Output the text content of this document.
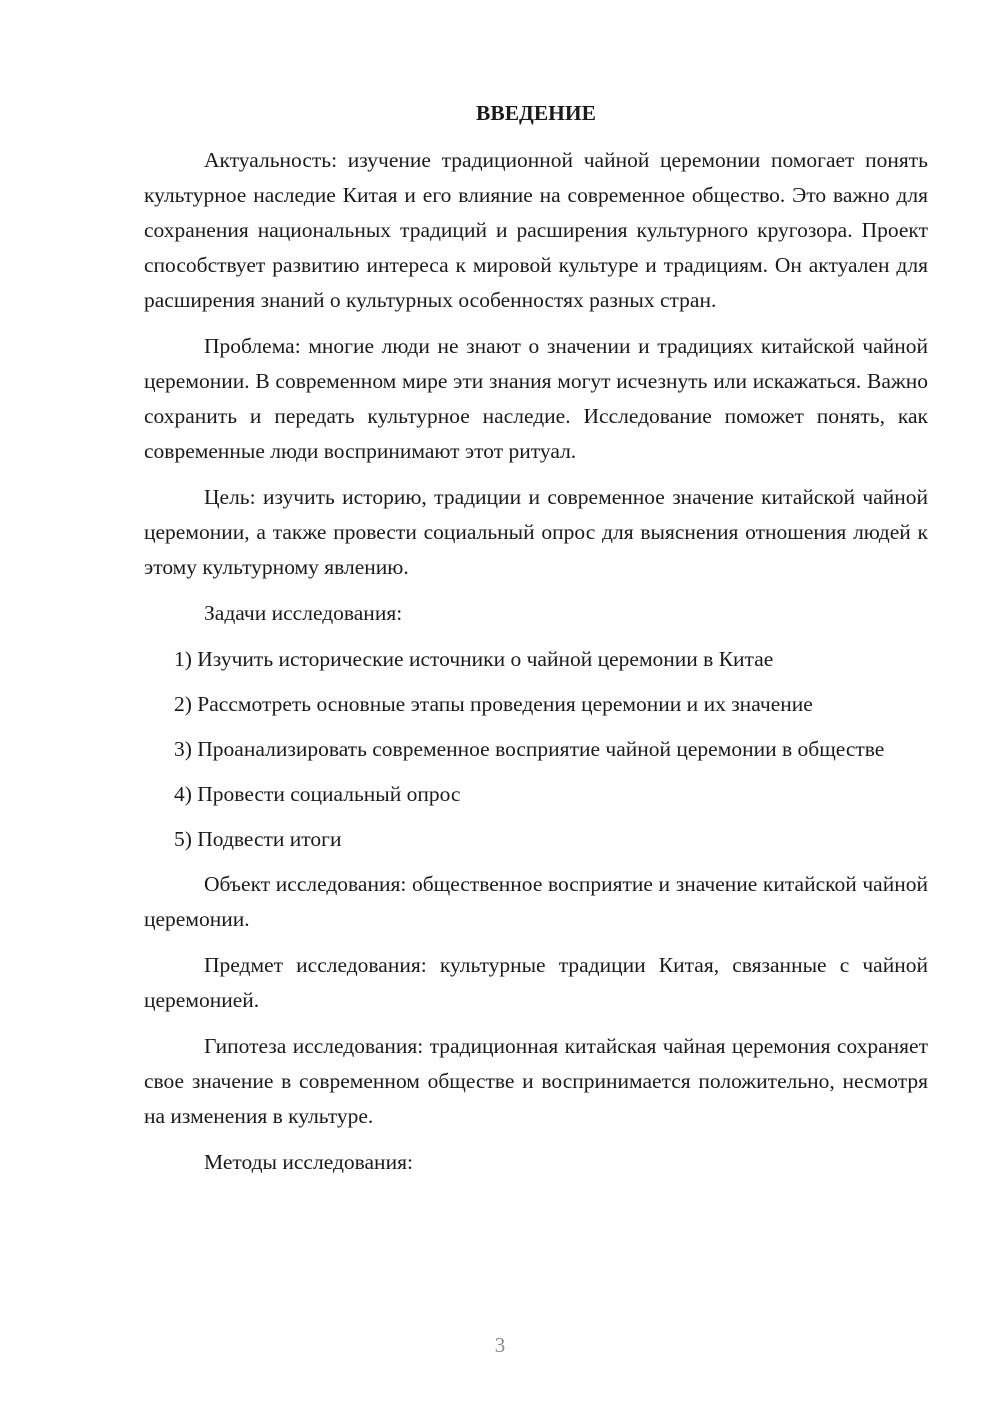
ВВЕДЕНИЕ

Актуальность: изучение традиционной чайной церемонии помогает понять культурное наследие Китая и его влияние на современное общество. Это важно для сохранения национальных традиций и расширения культурного кругозора. Проект способствует развитию интереса к мировой культуре и традициям. Он актуален для расширения знаний о культурных особенностях разных стран.

Проблема: многие люди не знают о значении и традициях китайской чайной церемонии. В современном мире эти знания могут исчезнуть или искажаться. Важно сохранить и передать культурное наследие. Исследование поможет понять, как современные люди воспринимают этот ритуал.

Цель: изучить историю, традиции и современное значение китайской чайной церемонии, а также провести социальный опрос для выяснения отношения людей к этому культурному явлению.

Задачи исследования:

1) Изучить исторические источники о чайной церемонии в Китае

2) Рассмотреть основные этапы проведения церемонии и их значение

3) Проанализировать современное восприятие чайной церемонии в обществе

4) Провести социальный опрос

5) Подвести итоги

Объект исследования: общественное восприятие и значение китайской чайной церемонии.

Предмет исследования: культурные традиции Китая, связанные с чайной церемонией.

Гипотеза исследования: традиционная китайская чайная церемония сохраняет свое значение в современном обществе и воспринимается положительно, несмотря на изменения в культуре.

Методы исследования:

3
